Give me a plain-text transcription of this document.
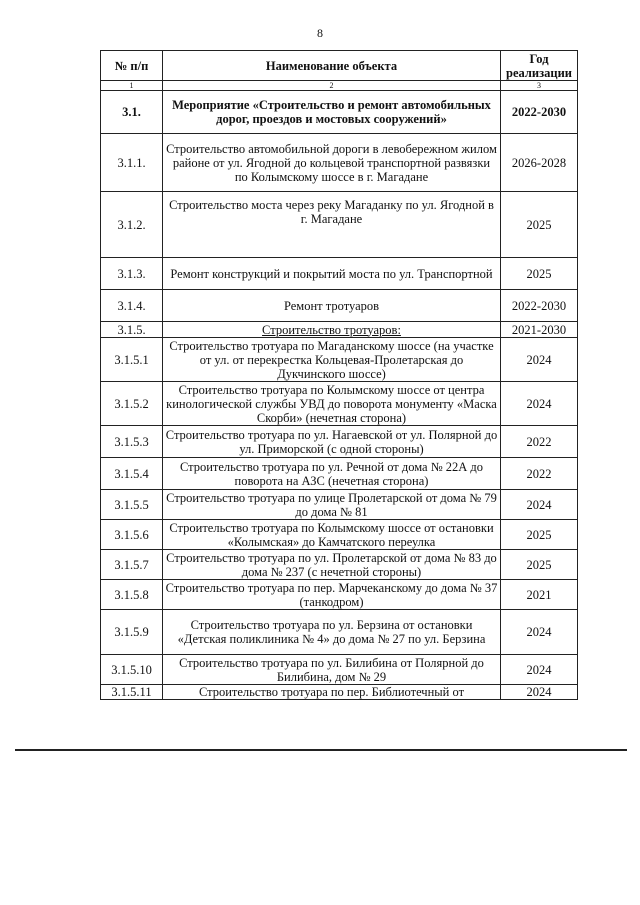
8
№ п/п	Наименование объекта	Год реализации
1	2	3
3.1.	Мероприятие «Строительство и ремонт автомобильных дорог, проездов и мостовых сооружений»	2022-2030
3.1.1.	Строительство автомобильной дороги в левобережном жилом районе от ул. Ягодной до кольцевой транспортной развязки по Колымскому шоссе в г. Магадане	2026-2028
3.1.2.	Строительство моста через реку Магаданку по ул. Ягодной в г. Магадане	2025
3.1.3.	Ремонт конструкций и покрытий моста по ул. Транспортной	2025
3.1.4.	Ремонт тротуаров	2022-2030
3.1.5.	Строительство тротуаров:	2021-2030
3.1.5.1	Строительство тротуара по Магаданскому шоссе (на участке от ул. от перекрестка Кольцевая-Пролетарская до Дукчинского шоссе)	2024
3.1.5.2	Строительство тротуара по Колымскому шоссе от центра кинологической службы УВД до поворота монументу «Маска Скорби» (нечетная сторона)	2024
3.1.5.3	Строительство тротуара по ул. Нагаевской от ул. Полярной до ул. Приморской (с одной стороны)	2022
3.1.5.4	Строительство тротуара по ул. Речной от дома № 22А до поворота на АЗС (нечетная сторона)	2022
3.1.5.5	Строительство тротуара по улице Пролетарской от дома № 79 до дома № 81	2024
3.1.5.6	Строительство тротуара по Колымскому шоссе от остановки «Колымская» до Камчатского переулка	2025
3.1.5.7	Строительство тротуара по ул. Пролетарской от дома № 83 до дома № 237 (с нечетной стороны)	2025
3.1.5.8	Строительство тротуара по пер. Марчеканскому до дома № 37 (танкодром)	2021
3.1.5.9	Строительство тротуара по ул. Берзина от остановки «Детская поликлиника № 4» до дома № 27 по ул. Берзина	2024
3.1.5.10	Строительство тротуара по ул. Билибина от Полярной до Билибина, дом № 29	2024
3.1.5.11	Строительство тротуара по пер. Библиотечный от	2024
